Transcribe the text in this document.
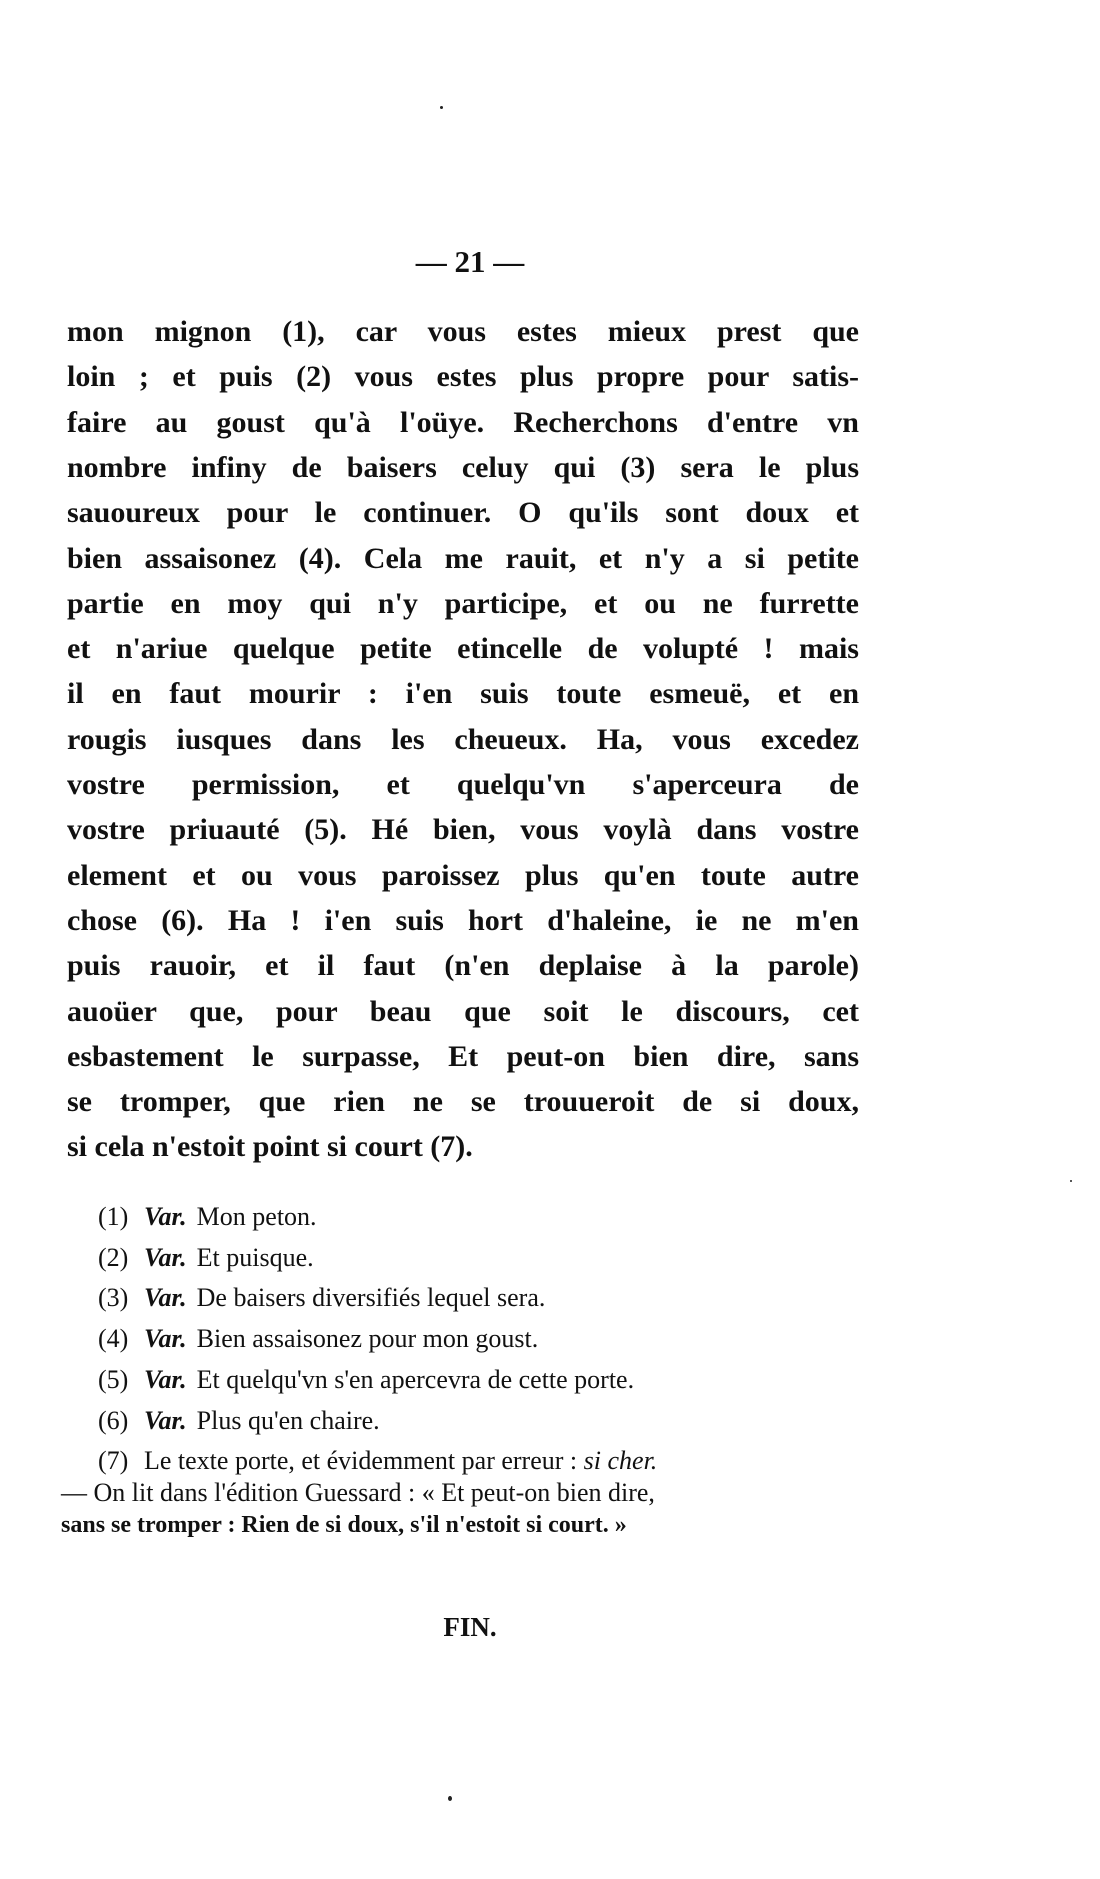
— 21 —
mon mignon (1), car vous estes mieux prest que
loin ; et puis (2) vous estes plus propre pour satis-
faire au goust qu'à l'oüye. Recherchons d'entre vn
nombre infiny de baisers celuy qui (3) sera le plus
sauoureux pour le continuer. O qu'ils sont doux et
bien assaisonez (4). Cela me rauit, et n'y a si petite
partie en moy qui n'y participe, et ou ne furrette
et n'ariue quelque petite etincelle de volupté ! mais
il en faut mourir : i'en suis toute esmeuë, et en
rougis iusques dans les cheueux. Ha, vous excedez
vostre permission, et quelqu'vn s'aperceura de
vostre priuauté (5). Hé bien, vous voylà dans vostre
element et ou vous paroissez plus qu'en toute autre
chose (6). Ha ! i'en suis hort d'haleine, ie ne m'en
puis rauoir, et il faut (n'en deplaise à la parole)
auoüer que, pour beau que soit le discours, cet
esbastement le surpasse, Et peut-on bien dire, sans
se tromper, que rien ne se trouueroit de si doux,
si cela n'estoit point si court (7).
(1) Var. Mon peton.
(2) Var. Et puisque.
(3) Var. De baisers diversifiés lequel sera.
(4) Var. Bien assaisonez pour mon goust.
(5) Var. Et quelqu'vn s'en apercevra de cette porte.
(6) Var. Plus qu'en chaire.
(7) Le texte porte, et évidemment par erreur : si cher.
— On lit dans l'édition Guessard : « Et peut-on bien dire,
sans se tromper : Rien de si doux, s'il n'estoit si court. »
FIN.
